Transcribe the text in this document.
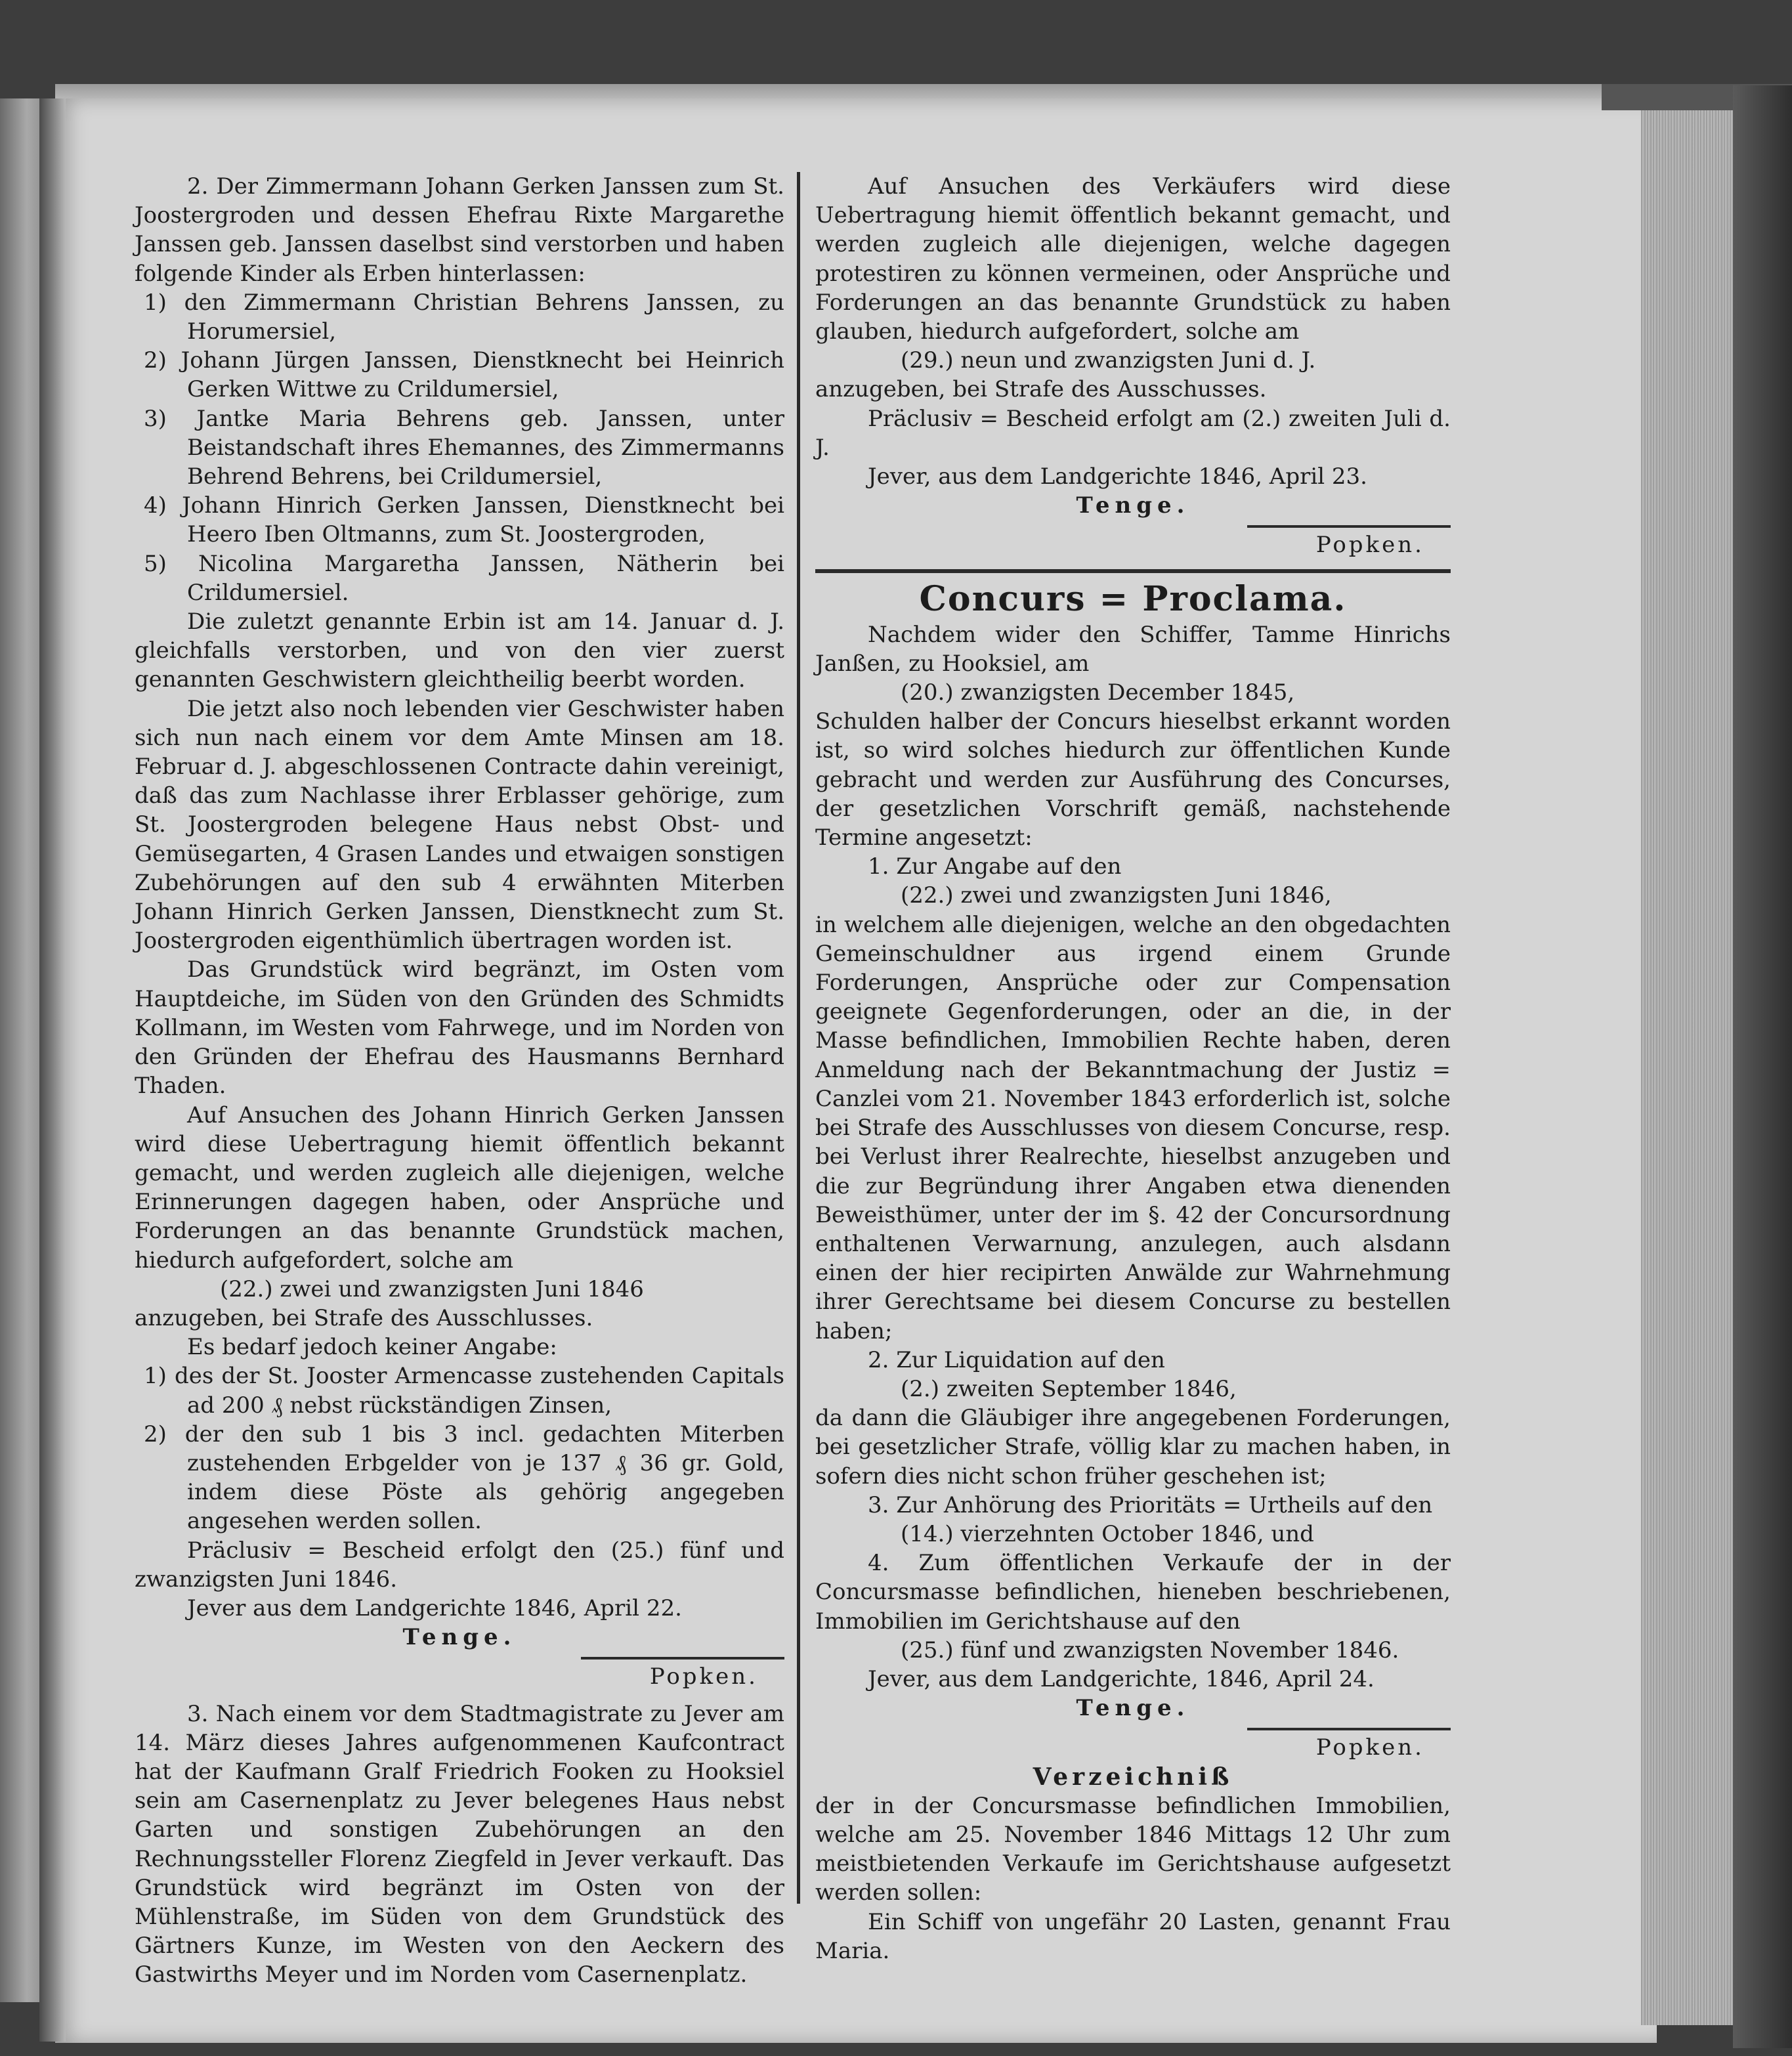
2. Der Zimmermann Johann Gerken Janssen zum St. Joostergroden und dessen Ehefrau Rixte Margarethe Janssen geb. Janssen daselbst sind verstorben und haben folgende Kinder als Erben hinterlassen:

1) den Zimmermann Christian Behrens Janssen, zu Horumersiel,

2) Johann Jürgen Janssen, Dienstknecht bei Heinrich Gerken Wittwe zu Crildumersiel,

3) Jantke Maria Behrens geb. Janssen, unter Beistandschaft ihres Ehemannes, des Zimmermanns Behrend Behrens, bei Crildumersiel,

4) Johann Hinrich Gerken Janssen, Dienstknecht bei Heero Iben Oltmanns, zum St. Joostergroden,

5) Nicolina Margaretha Janssen, Nätherin bei Crildumersiel.

Die zuletzt genannte Erbin ist am 14. Januar d. J. gleichfalls verstorben, und von den vier zuerst genannten Geschwistern gleichtheilig beerbt worden.

Die jetzt also noch lebenden vier Geschwister haben sich nun nach einem vor dem Amte Minsen am 18. Februar d. J. abgeschlossenen Contracte dahin vereinigt, daß das zum Nachlasse ihrer Erblasser gehörige, zum St. Joostergroden belegene Haus nebst Obst- und Gemüsegarten, 4 Grasen Landes und etwaigen sonstigen Zubehörungen auf den sub 4 erwähnten Miterben Johann Hinrich Gerken Janssen, Dienstknecht zum St. Joostergroden eigenthümlich übertragen worden ist.

Das Grundstück wird begränzt, im Osten vom Hauptdeiche, im Süden von den Gründen des Schmidts Kollmann, im Westen vom Fahrwege, und im Norden von den Gründen der Ehefrau des Hausmanns Bernhard Thaden.

Auf Ansuchen des Johann Hinrich Gerken Janssen wird diese Uebertragung hiemit öffentlich bekannt gemacht, und werden zugleich alle diejenigen, welche Erinnerungen dagegen haben, oder Ansprüche und Forderungen an das benannte Grundstück machen, hiedurch aufgefordert, solche am

(22.) zwei und zwanzigsten Juni 1846

anzugeben, bei Strafe des Ausschlusses.

Es bedarf jedoch keiner Angabe:

1) des der St. Jooster Armencasse zustehenden Capitals ad 200 ₰ nebst rückständigen Zinsen,

2) der den sub 1 bis 3 incl. gedachten Miterben zustehenden Erbgelder von je 137 ₰ 36 gr. Gold, indem diese Pöste als gehörig angegeben angesehen werden sollen.

Präclusiv = Bescheid erfolgt den (25.) fünf und zwanzigsten Juni 1846.

Jever aus dem Landgerichte 1846, April 22.

Tenge.

Popken.

3. Nach einem vor dem Stadtmagistrate zu Jever am 14. März dieses Jahres aufgenommenen Kaufcontract hat der Kaufmann Gralf Friedrich Fooken zu Hooksiel sein am Casernenplatz zu Jever belegenes Haus nebst Garten und sonstigen Zubehörungen an den Rechnungssteller Florenz Ziegfeld in Jever verkauft. Das Grundstück wird begränzt im Osten von der Mühlenstraße, im Süden von dem Grundstück des Gärtners Kunze, im Westen von den Aeckern des Gastwirths Meyer und im Norden vom Casernenplatz.

Auf Ansuchen des Verkäufers wird diese Uebertragung hiemit öffentlich bekannt gemacht, und werden zugleich alle diejenigen, welche dagegen protestiren zu können vermeinen, oder Ansprüche und Forderungen an das benannte Grundstück zu haben glauben, hiedurch aufgefordert, solche am

(29.) neun und zwanzigsten Juni d. J.

anzugeben, bei Strafe des Ausschusses.

Präclusiv = Bescheid erfolgt am (2.) zweiten Juli d. J.

Jever, aus dem Landgerichte 1846, April 23.

Tenge.

Popken.

Concurs = Proclama.

Nachdem wider den Schiffer, Tamme Hinrichs Janßen, zu Hooksiel, am

(20.) zwanzigsten December 1845,

Schulden halber der Concurs hieselbst erkannt worden ist, so wird solches hiedurch zur öffentlichen Kunde gebracht und werden zur Ausführung des Concurses, der gesetzlichen Vorschrift gemäß, nachstehende Termine angesetzt:

1. Zur Angabe auf den

(22.) zwei und zwanzigsten Juni 1846,

in welchem alle diejenigen, welche an den obgedachten Gemeinschuldner aus irgend einem Grunde Forderungen, Ansprüche oder zur Compensation geeignete Gegenforderungen, oder an die, in der Masse befindlichen, Immobilien Rechte haben, deren Anmeldung nach der Bekanntmachung der Justiz = Canzlei vom 21. November 1843 erforderlich ist, solche bei Strafe des Ausschlusses von diesem Concurse, resp. bei Verlust ihrer Realrechte, hieselbst anzugeben und die zur Begründung ihrer Angaben etwa dienenden Beweisthümer, unter der im §. 42 der Concursordnung enthaltenen Verwarnung, anzulegen, auch alsdann einen der hier recipirten Anwälde zur Wahrnehmung ihrer Gerechtsame bei diesem Concurse zu bestellen haben;

2. Zur Liquidation auf den

(2.) zweiten September 1846,

da dann die Gläubiger ihre angegebenen Forderungen, bei gesetzlicher Strafe, völlig klar zu machen haben, in sofern dies nicht schon früher geschehen ist;

3. Zur Anhörung des Prioritäts = Urtheils auf den

(14.) vierzehnten October 1846, und

4. Zum öffentlichen Verkaufe der in der Concursmasse befindlichen, hieneben beschriebenen, Immobilien im Gerichtshause auf den

(25.) fünf und zwanzigsten November 1846.

Jever, aus dem Landgerichte, 1846, April 24.

Tenge.

Popken.

Verzeichniß

der in der Concursmasse befindlichen Immobilien, welche am 25. November 1846 Mittags 12 Uhr zum meistbietenden Verkaufe im Gerichtshause aufgesetzt werden sollen:

Ein Schiff von ungefähr 20 Lasten, genannt Frau Maria.
